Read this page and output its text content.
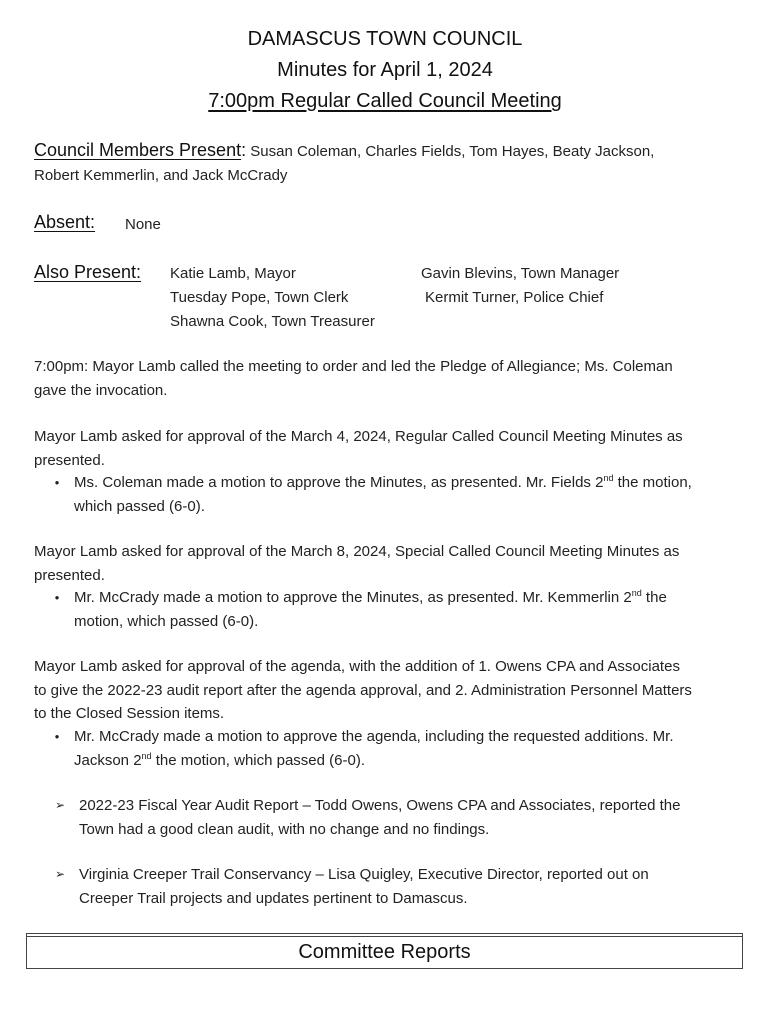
DAMASCUS TOWN COUNCIL
Minutes for April 1, 2024
7:00pm Regular Called Council Meeting
Council Members Present: Susan Coleman, Charles Fields, Tom Hayes, Beaty Jackson,
Robert Kemmerlin, and Jack McCrady
Absent: None
Also Present: Katie Lamb, Mayor	Gavin Blevins, Town Manager
Tuesday Pope, Town Clerk	Kermit Turner, Police Chief
Shawna Cook, Town Treasurer
7:00pm: Mayor Lamb called the meeting to order and led the Pledge of Allegiance; Ms. Coleman
gave the invocation.
Mayor Lamb asked for approval of the March 4, 2024, Regular Called Council Meeting Minutes as
presented.
● Ms. Coleman made a motion to approve the Minutes, as presented. Mr. Fields 2nd the motion,
which passed (6-0).
Mayor Lamb asked for approval of the March 8, 2024, Special Called Council Meeting Minutes as
presented.
● Mr. McCrady made a motion to approve the Minutes, as presented. Mr. Kemmerlin 2nd the
motion, which passed (6-0).
Mayor Lamb asked for approval of the agenda, with the addition of 1. Owens CPA and Associates
to give the 2022-23 audit report after the agenda approval, and 2. Administration Personnel Matters
to the Closed Session items.
● Mr. McCrady made a motion to approve the agenda, including the requested additions. Mr.
Jackson 2nd the motion, which passed (6-0).
➢ 2022-23 Fiscal Year Audit Report – Todd Owens, Owens CPA and Associates, reported the
Town had a good clean audit, with no change and no findings.
➢ Virginia Creeper Trail Conservancy – Lisa Quigley, Executive Director, reported out on
Creeper Trail projects and updates pertinent to Damascus.
Committee Reports
